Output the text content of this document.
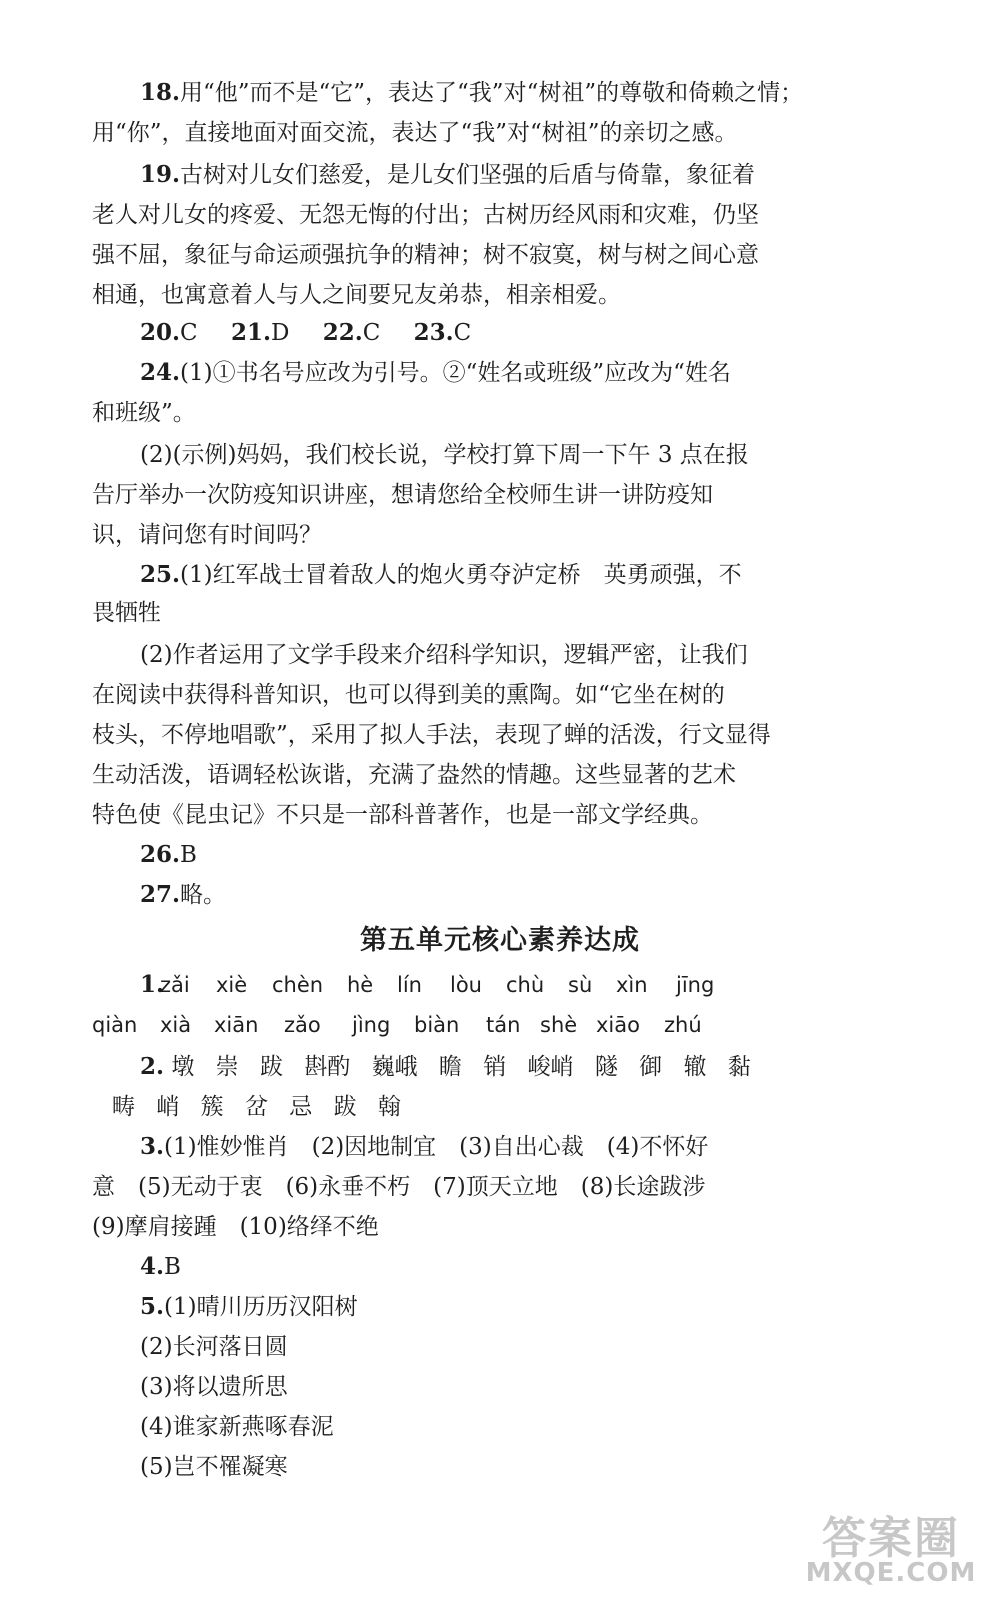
18.用“他”而不是“它”，表达了“我”对“树祖”的尊敬和倚赖之情；
用“你”，直接地面对面交流，表达了“我”对“树祖”的亲切之感。
19.古树对儿女们慈爱，是儿女们坚强的后盾与倚靠，象征着
老人对儿女的疼爱、无怨无悔的付出；古树历经风雨和灾难，仍坚
强不屈，象征与命运顽强抗争的精神；树不寂寞，树与树之间心意
相通，也寓意着人与人之间要兄友弟恭，相亲相爱。
20.C 21.D 22.C 23.C
24.(1)①书名号应改为引号。②“姓名或班级”应改为“姓名
和班级”。
(2)(示例)妈妈，我们校长说，学校打算下周一下午 3 点在报
告厅举办一次防疫知识讲座，想请您给全校师生讲一讲防疫知
识，请问您有时间吗？
25.(1)红军战士冒着敌人的炮火勇夺泸定桥　英勇顽强，不
畏牺牲
(2)作者运用了文学手段来介绍科学知识，逻辑严密，让我们
在阅读中获得科普知识，也可以得到美的熏陶。如“它坐在树的
枝头，不停地唱歌”，采用了拟人手法，表现了蝉的活泼，行文显得
生动活泼，语调轻松诙谐，充满了盎然的情趣。这些显著的艺术
特色使《昆虫记》不只是一部科普著作，也是一部文学经典。
26.B
27.略。
第五单元核心素养达成
1.
zǎi xiè chèn hè lín lòu chù sù xìn jīng
qiàn xià xiān zǎo jìng biàn tán shè xiāo zhú
2. 墩 崇 跋 斟酌 巍峨 瞻 销 峻峭 隧 御 辙 黏
畴 峭 簇 岔 忌 跋 翰
3.(1)惟妙惟肖　(2)因地制宜　(3)自出心裁　(4)不怀好
意　(5)无动于衷　(6)永垂不朽　(7)顶天立地　(8)长途跋涉
(9)摩肩接踵　(10)络绎不绝
4.B
5.(1)晴川历历汉阳树
(2)长河落日圆
(3)将以遗所思
(4)谁家新燕啄春泥
(5)岂不罹凝寒
答案圈
MXQE.COM
